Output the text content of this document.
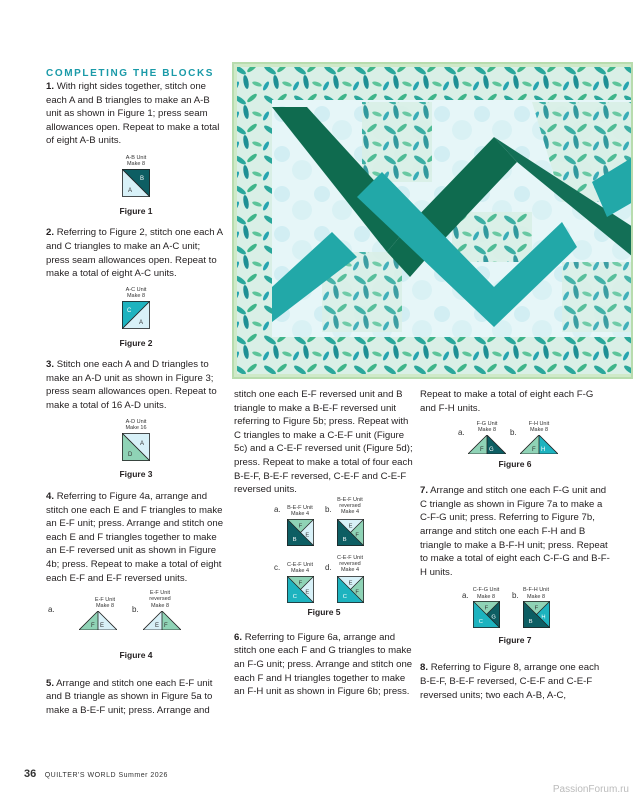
COMPLETING THE BLOCKS

1. With right sides together, stitch one each A and B triangles to make an A-B unit as shown in Figure 1; press seam allowances open. Repeat to make a total of eight A-B units.

A-B Unit
Make 8
A
B
Figure 1

2. Referring to Figure 2, stitch one each A and C triangles to make an A-C unit; press seam allowances open. Repeat to make a total of eight A-C units.

A-C Unit
Make 8
C
A
Figure 2

3. Stitch one each A and D triangles to make an A-D unit as shown in Figure 3; press seam allowances open. Repeat to make a total of 16 A-D units.

A-D Unit
Make 16
A
D
Figure 3

4. Referring to Figure 4a, arrange and stitch one each E and F triangles to make an E-F unit; press. Arrange and stitch one each E and F triangles together to make an E-F reversed unit as shown in Figure 4b; press. Repeat to make a total of eight each E-F and E-F reversed units.

a.
E-F Unit
Make 8
F E
b.
E-F Unit
reversed
Make 8
E F
Figure 4

5. Arrange and stitch one each E-F unit and B triangle as shown in Figure 5a to make a B-E-F unit; press. Arrange and

stitch one each E-F reversed unit and B triangle to make a B-E-F reversed unit referring to Figure 5b; press. Repeat with C triangles to make a C-E-F unit (Figure 5c) and a C-E-F reversed unit (Figure 5d); press. Repeat to make a total of four each B-E-F, B-E-F reversed, C-E-F and C-E-F reversed units.

a.	B-E-F Unit
Make 4
F
E
B
b.
B-E-F Unit
reversed
Make 4
E
F
B
c.	C-E-F Unit
Make 4
F
E
C
d.
C-E-F Unit
reversed
Make 4
E
F
C
Figure 5

6. Referring to Figure 6a, arrange and stitch one each F and G triangles to make an F-G unit; press. Arrange and stitch one each F and H triangles together to make an F-H unit as shown in Figure 6b; press.

Repeat to make a total of eight each F-G and F-H units.

a.
F-G Unit
Make 8
F G
b.
F-H Unit
Make 8
F H
Figure 6

7. Arrange and stitch one each F-G unit and C triangle as shown in Figure 7a to make a C-F-G unit; press. Referring to Figure 7b, arrange and stitch one each F-H and B triangle to make a B-F-H unit; press. Repeat to make a total of eight each C-F-G and B-F-H units.

a.
C-F-G Unit
Make 8
F
C
G
b.
B-F-H Unit
Make 8
F
B
H
Figure 7

8. Referring to Figure 8, arrange one each B-E-F, B-E-F reversed, C-E-F and C-E-F reversed units; two each A-B, A-C,

36 QUILTER'S WORLD Summer 2026
PassionForum.ru
